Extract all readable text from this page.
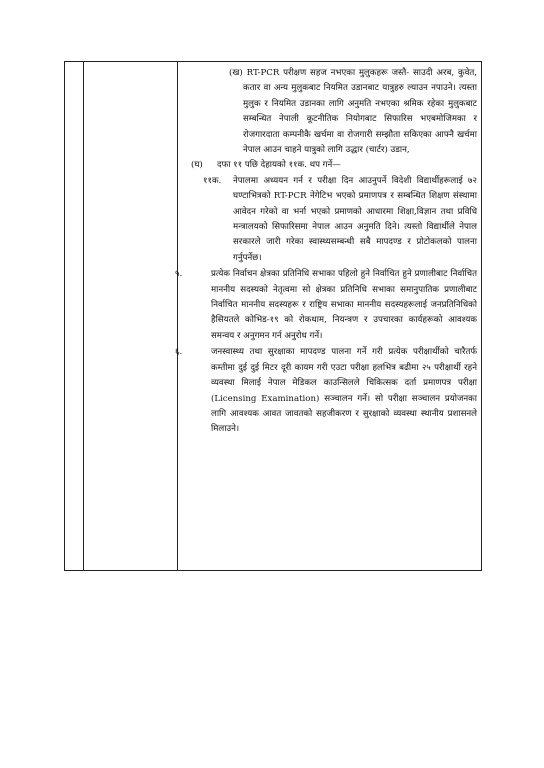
(ख) RT-PCR परीक्षण सहज नभएका मुलुकहरू जस्तै- साउदी अरब, कुवेत, कतार वा अन्य मुलुकबाट नियमित उडानबाट यात्रुहरु ल्याउन नपाउने। त्यस्ता मुलुक र नियमित उडानका लागि अनुमति नभएका श्रमिक रहेका मुलुकबाट सम्बन्धित नेपाली कूटनीतिक नियोगबाट सिफारिस भएबमोजिमका र रोजगारदाता कम्पनीकै खर्चमा वा रोजगारी सम्झौता सकिएका आफ्नै खर्चमा नेपाल आउन चाहने यात्रुको लागि उद्धार (चार्टर) उडान,

(घ) दफा ११ पछि देहायको ११क. थप गर्ने—
११क. नेपालमा अध्ययन गर्न र परीक्षा दिन आउनुपर्ने विदेशी विद्यार्थीहरूलाई ७२ घण्टाभित्रको RT-PCR नेगेटिभ भएको प्रमाणपत्र र सम्बन्धित शिक्षण संस्थामा आवेदन गरेको वा भर्ना भएको प्रमाणको आधारमा शिक्षा,विज्ञान तथा प्रविधि मन्त्रालयको सिफारिसमा नेपाल आउन अनुमति दिने। त्यस्तो विद्यार्थीले नेपाल सरकारले जारी गरेका स्वास्थ्यसम्बन्धी सबै मापदण्ड र प्रोटोकलको पालना गर्नुपर्नेछ।
५.	प्रत्येक निर्वाचन क्षेत्रका प्रतिनिधि सभाका पहिलो हुने निर्वाचित हुने प्रणालीबाट निर्वाचित माननीय सदस्यको नेतृत्वमा सो क्षेत्रका प्रतिनिधि सभाका समानुपातिक प्रणालीबाट निर्वाचित माननीय सदस्यहरू र राष्ट्रिय सभाका माननीय सदस्यहरूलाई जनप्रतिनिधिको हैसियतले कोभिड-१९ को रोकथाम, नियन्त्रण र उपचारका कार्यहरूको आवश्यक समन्वय र अनुगमन गर्न अनुरोध गर्ने।
६.	जनस्वास्थ्य तथा सुरक्षाका मापदण्ड पालना गर्ने गरी प्रत्येक परीक्षार्थीको चारैतर्फ कम्तीमा दुई दुई मिटर दूरी कायम गरी एउटा परीक्षा हलभित्र बढीमा २५ परीक्षार्थी रहने व्यवस्था मिलाई नेपाल मेडिकल काउन्सिलले चिकित्सक दर्ता प्रमाणपत्र परीक्षा (Licensing Examination) सञ्चालन गर्ने। सो परीक्षा सञ्चालन प्रयोजनका लागि आवश्यक आवत जावतको सहजीकरण र सुरक्षाको व्यवस्था स्थानीय प्रशासनले मिलाउने।
